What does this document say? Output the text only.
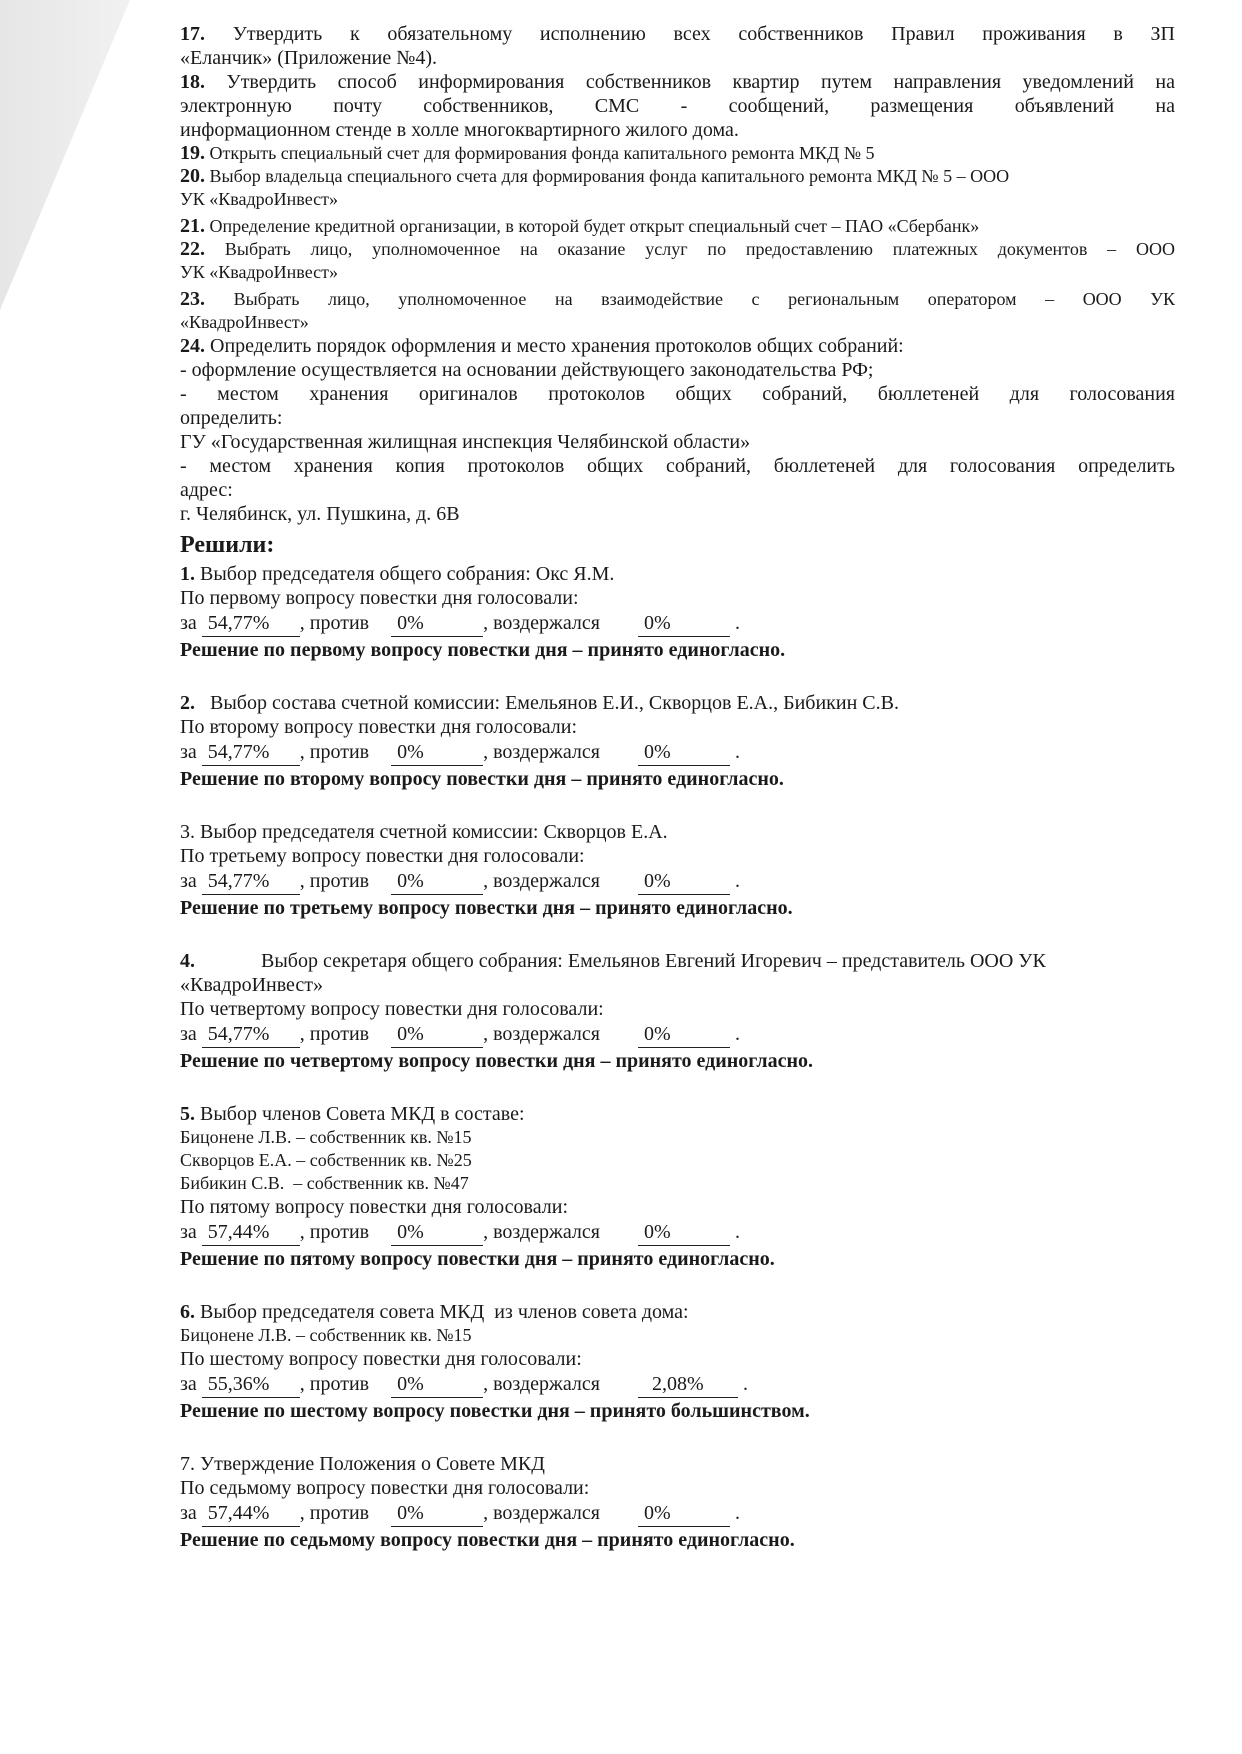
17. Утвердить к обязательному исполнению всех собственников Правил проживания в ЗП

«Еланчик» (Приложение №4).

18. Утвердить способ информирования собственников квартир путем направления уведомлений на

электронную почту собственников, СМС - сообщений, размещения объявлений на

информационном стенде в холле многоквартирного жилого дома.

19. Открыть специальный счет для формирования фонда капитального ремонта МКД № 5

20. Выбор владельца специального счета для формирования фонда капитального ремонта МКД № 5 – ООО

УК «КвадроИнвест»

21. Определение кредитной организации, в которой будет открыт специальный счет – ПАО «Сбербанк»

22. Выбрать лицо, уполномоченное на оказание услуг по предоставлению платежных документов – ООО

УК «КвадроИнвест»

23. Выбрать лицо, уполномоченное на взаимодействие с региональным оператором – ООО УК

«КвадроИнвест»

24. Определить порядок оформления и место хранения протоколов общих собраний:

- оформление осуществляется на основании действующего законодательства РФ;

- местом хранения оригиналов протоколов общих собраний, бюллетеней для голосования

определить:

ГУ «Государственная жилищная инспекция Челябинской области»

- местом хранения копия протоколов общих собраний, бюллетеней для голосования определить

адрес:

г. Челябинск, ул. Пушкина, д. 6В

Решили:

1. Выбор председателя общего собрания: Окс Я.М.

По первому вопросу повестки дня голосовали:

за 54,77% , против 0%	, воздержался 0%	.

Решение по первому вопросу повестки дня – принято единогласно.

2. Выбор состава счетной комиссии: Емельянов Е.И., Скворцов Е.А., Бибикин С.В.

По второму вопросу повестки дня голосовали:

за 54,77% , против 0%	, воздержался 0%	.

Решение по второму вопросу повестки дня – принято единогласно.

3. Выбор председателя счетной комиссии: Скворцов Е.А.

По третьему вопросу повестки дня голосовали:

за 54,77% , против 0%	, воздержался 0%	.

Решение по третьему вопросу повестки дня – принято единогласно.

4.	Выбор секретаря общего собрания: Емельянов Евгений Игоревич – представитель ООО УК

«КвадроИнвест»

По четвертому вопросу повестки дня голосовали:

за 54,77% , против 0%	, воздержался 0%	.

Решение по четвертому вопросу повестки дня – принято единогласно.

5. Выбор членов Совета МКД в составе:

Бицонене Л.В. – собственник кв. №15

Скворцов Е.А. – собственник кв. №25

Бибикин С.В.  – собственник кв. №47

По пятому вопросу повестки дня голосовали:

за 57,44% , против 0%	, воздержался 0%	.

Решение по пятому вопросу повестки дня – принято единогласно.

6. Выбор председателя совета МКД  из членов совета дома:

Бицонене Л.В. – собственник кв. №15

По шестому вопросу повестки дня голосовали:

за 55,36% , против 0%	, воздержался	2,08% .

Решение по шестому вопросу повестки дня – принято большинством.

7. Утверждение Положения о Совете МКД

По седьмому вопросу повестки дня голосовали:

за 57,44% , против 0%	, воздержался 0%	.

Решение по седьмому вопросу повестки дня – принято единогласно.
